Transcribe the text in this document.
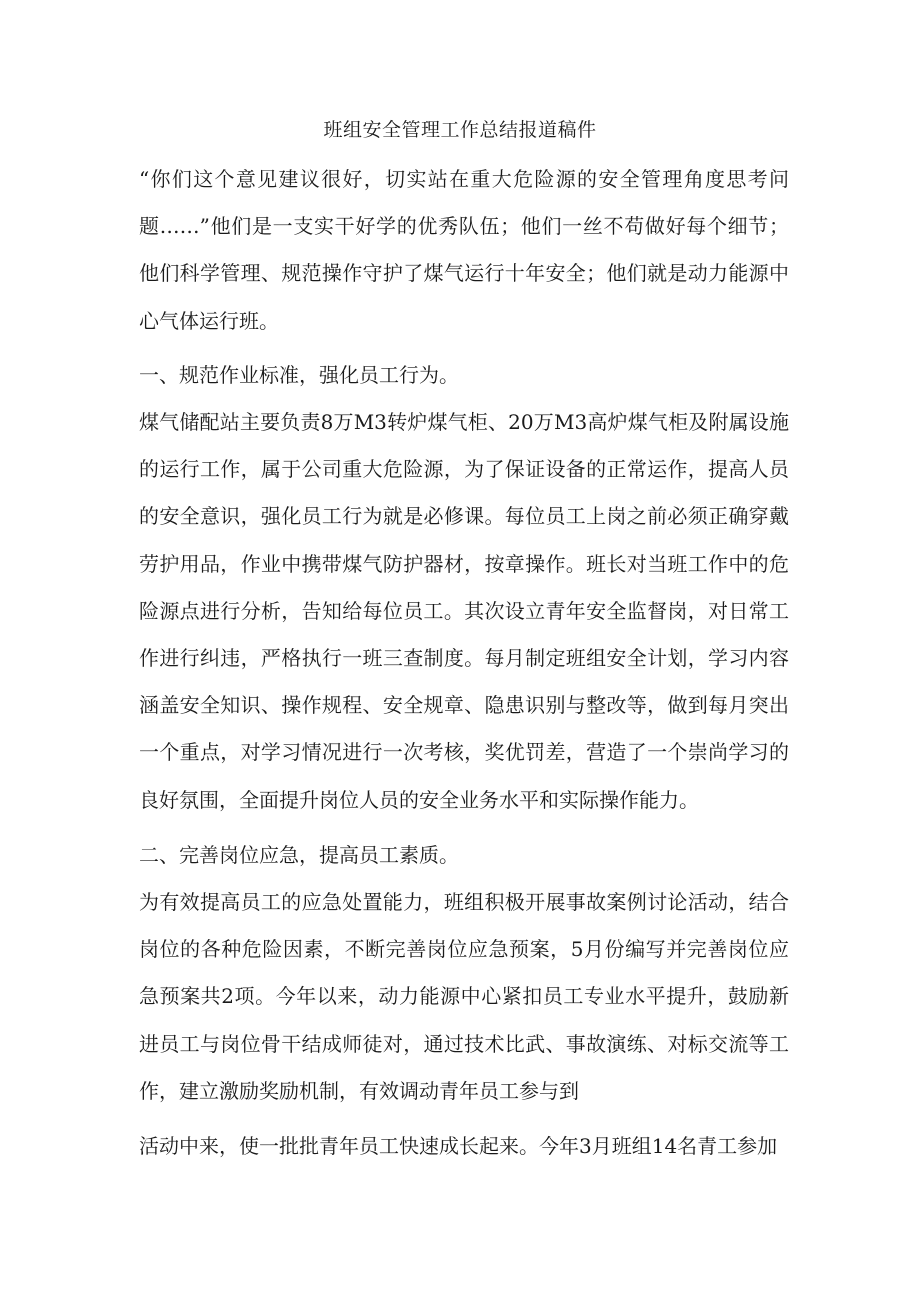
班组安全管理工作总结报道稿件

“你们这个意见建议很好，切实站在重大危险源的安全管理角度思考问题……”他们是一支实干好学的优秀队伍；他们一丝不苟做好每个细节；他们科学管理、规范操作守护了煤气运行十年安全；他们就是动力能源中心气体运行班。

一、规范作业标准，强化员工行为。

煤气储配站主要负责8万M3转炉煤气柜、20万M3高炉煤气柜及附属设施的运行工作，属于公司重大危险源，为了保证设备的正常运作，提高人员的安全意识，强化员工行为就是必修课。每位员工上岗之前必须正确穿戴劳护用品，作业中携带煤气防护器材，按章操作。班长对当班工作中的危险源点进行分析，告知给每位员工。其次设立青年安全监督岗，对日常工作进行纠违，严格执行一班三查制度。每月制定班组安全计划，学习内容涵盖安全知识、操作规程、安全规章、隐患识别与整改等，做到每月突出一个重点，对学习情况进行一次考核，奖优罚差，营造了一个崇尚学习的良好氛围，全面提升岗位人员的安全业务水平和实际操作能力。

二、完善岗位应急，提高员工素质。

为有效提高员工的应急处置能力，班组积极开展事故案例讨论活动，结合岗位的各种危险因素，不断完善岗位应急预案，5月份编写并完善岗位应急预案共2项。今年以来，动力能源中心紧扣员工专业水平提升，鼓励新进员工与岗位骨干结成师徒对，通过技术比武、事故演练、对标交流等工作，建立激励奖励机制，有效调动青年员工参与到

活动中来，使一批批青年员工快速成长起来。今年3月班组14名青工参加
